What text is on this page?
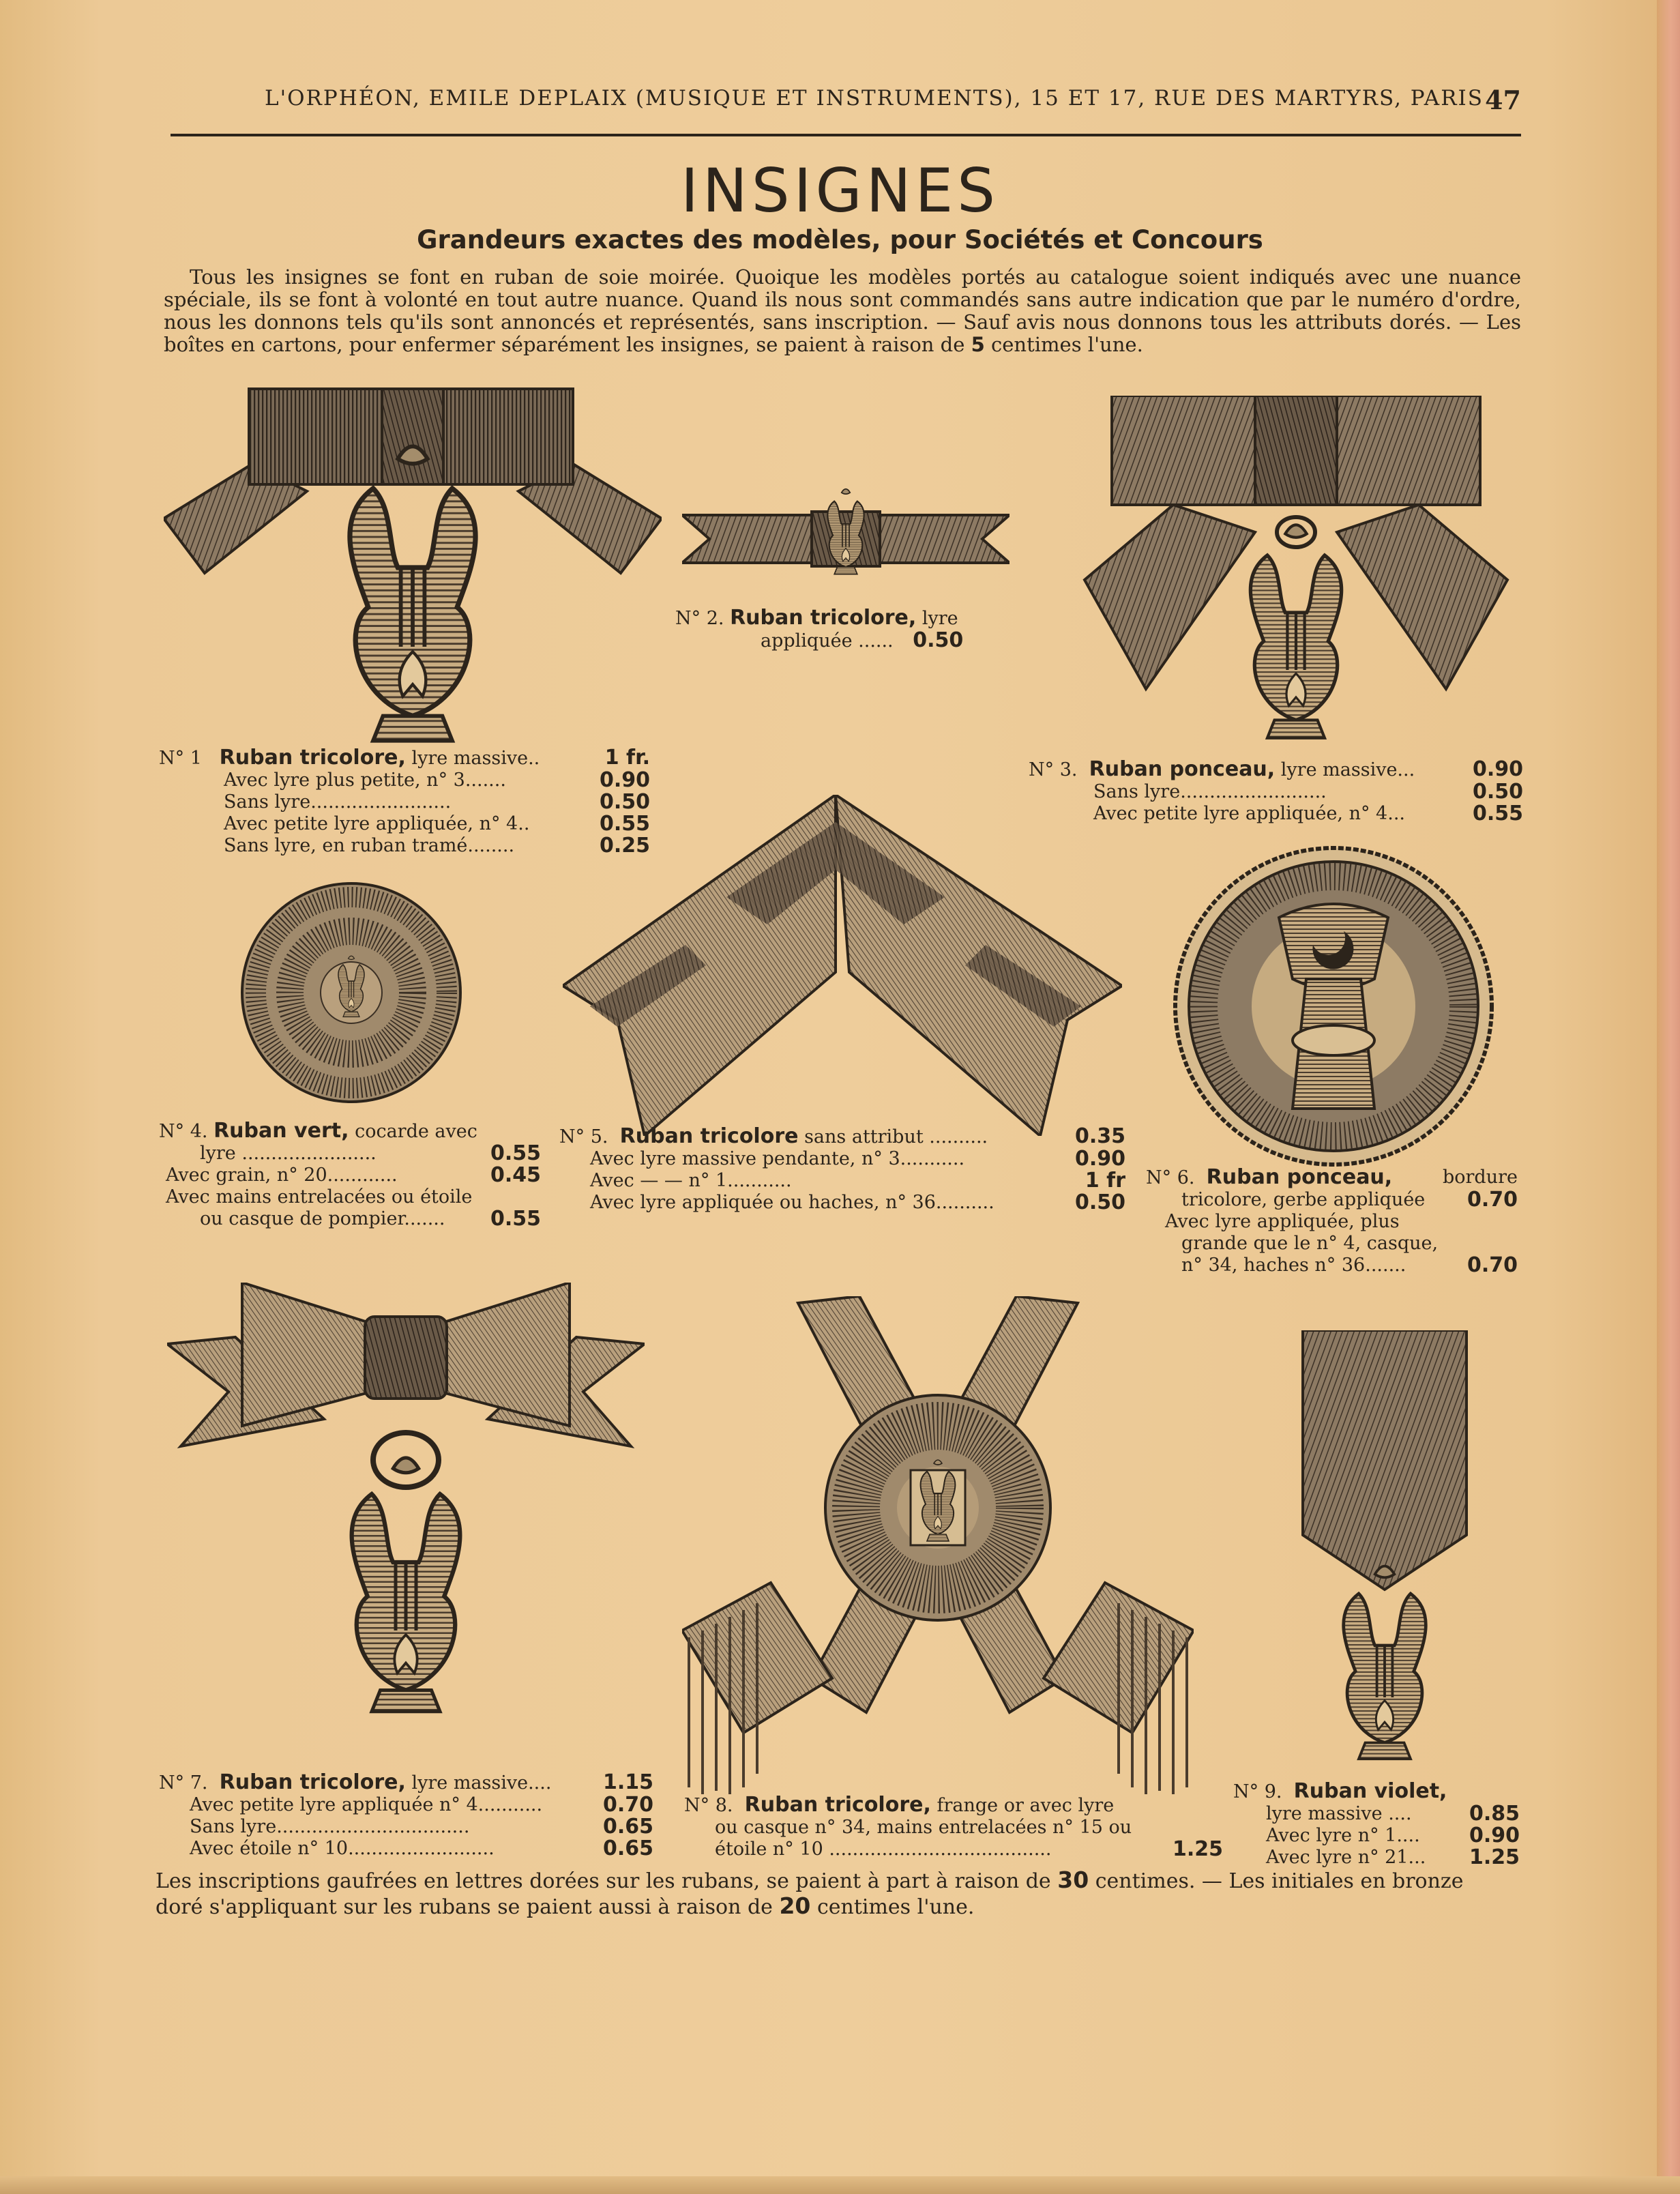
L'ORPHÉON, EMILE DEPLAIX (MUSIQUE ET INSTRUMENTS), 15 ET 17, RUE DES MARTYRS, PARIS 47
INSIGNES
Grandeurs exactes des modèles, pour Sociétés et Concours
Tous les insignes se font en ruban de soie moirée. Quoique les modèles portés au catalogue soient indiqués avec une nuance spéciale, ils se font à volonté en tout autre nuance. Quand ils nous sont commandés sans autre indication que par le numéro d'ordre, nous les donnons tels qu'ils sont annoncés et représentés, sans inscription. — Sauf avis nous donnons tous les attributs dorés. — Les boîtes en cartons, pour enfermer séparément les insignes, se paient à raison de 5 centimes l'une.
N° 1 Ruban tricolore, lyre massive..	1 fr.
Avec lyre plus petite, n° 3.......	0.90
Sans lyre........................	0.50
Avec petite lyre appliquée, n° 4..	0.55
Sans lyre, en ruban tramé........	0.25
N° 2. Ruban tricolore, lyre
appliquée ...... 0.50
N° 3. Ruban ponceau, lyre massive...	0.90
Sans lyre.........................	0.50
Avec petite lyre appliquée, n° 4...	0.55
N° 4. Ruban vert, cocarde avec
lyre .......................	0.55
Avec grain, n° 20............	0.45
Avec mains entrelacées ou étoile
ou casque de pompier....... 0.55
N° 5. Ruban tricolore sans attribut ..........	0.35
Avec lyre massive pendante, n° 3...........	0.90
Avec — — n° 1...........	1 fr
Avec lyre appliquée ou haches, n° 36..........	0.50
N° 6. Ruban ponceau,	bordure
tricolore, gerbe appliquée 0.70
Avec lyre appliquée, plus
grande que le n° 4, casque,
n° 34, haches n° 36.......	0.70
N° 7. Ruban tricolore, lyre massive....	1.15
Avec petite lyre appliquée n° 4...........	0.70
Sans lyre.................................	0.65
Avec étoile n° 10.........................	0.65
N° 8. Ruban tricolore, frange or avec lyre
ou casque n° 34, mains entrelacées n° 15 ou
étoile n° 10 ......................................	1.25
N° 9. Ruban violet,
lyre massive ....	0.85
Avec lyre n° 1.... 0.90
Avec lyre n° 21... 1.25
Les inscriptions gaufrées en lettres dorées sur les rubans, se paient à part à raison de 30 centimes. — Les initiales en bronze doré s'appliquant sur les rubans se paient aussi à raison de 20 centimes l'une.
